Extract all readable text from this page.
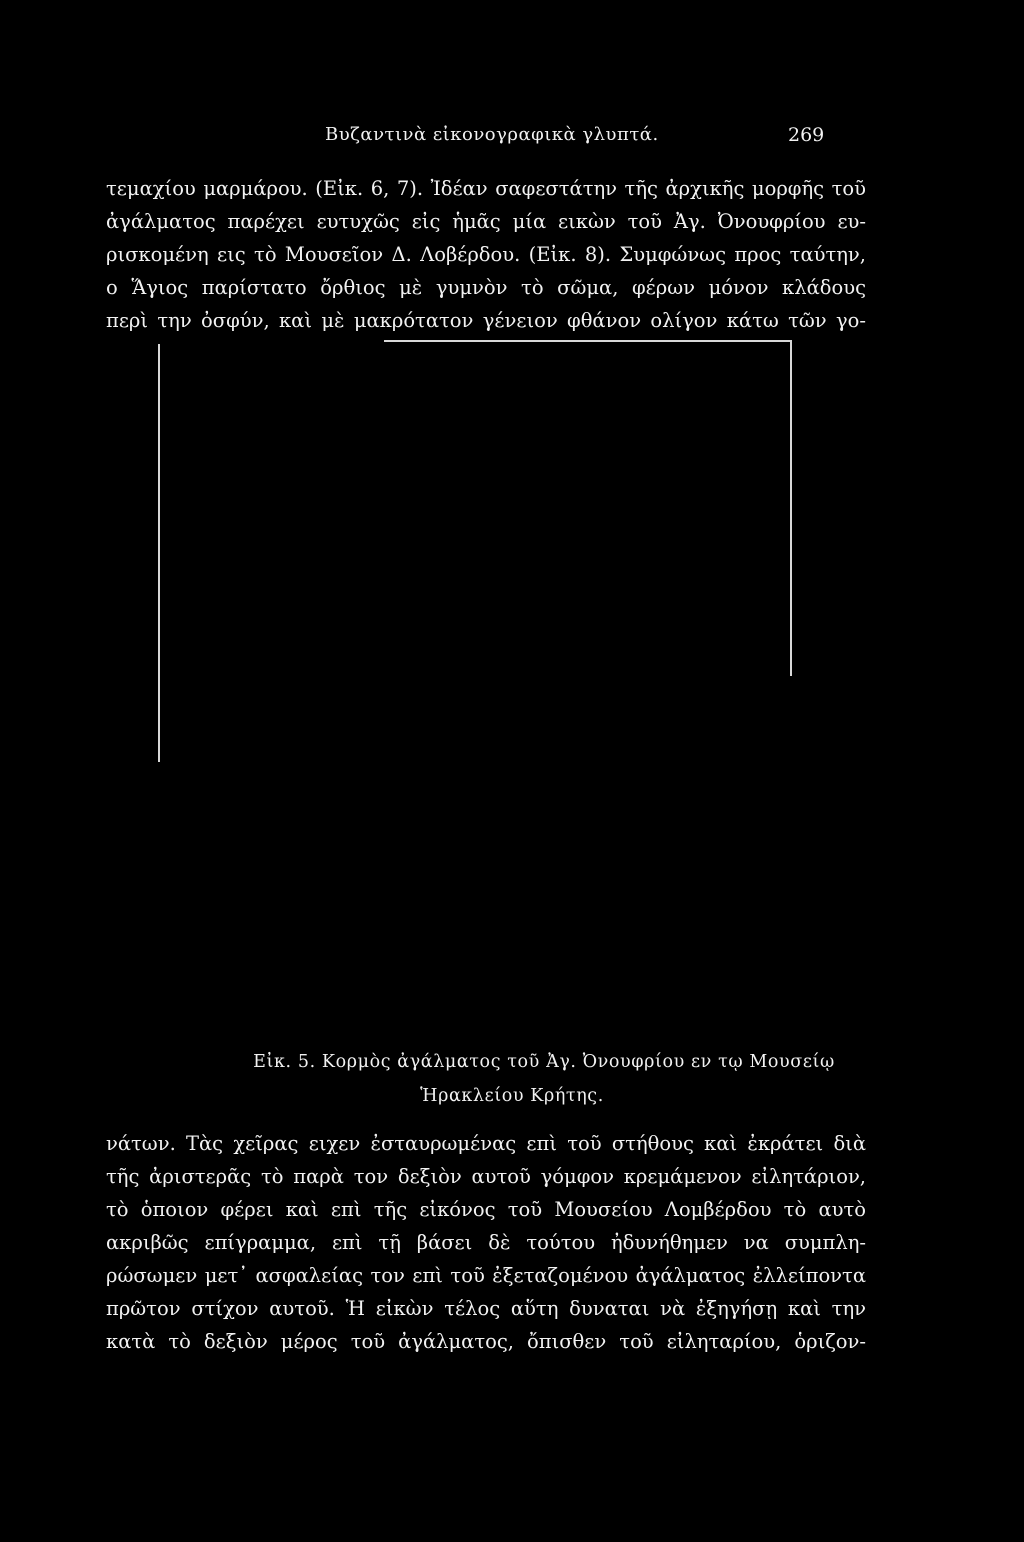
Βυζαντινὰ εἰκονογραφικὰ γλυπτά.	269
τεμαχίου μαρμάρου. (Εἰκ. 6, 7). Ἰδέαν σαφεστάτην τῆς ἀρχικῆς μορφῆς τοῦ
ἀγάλματος παρέχει ευτυχῶς εἰς ἡμᾶς μία εικὼν τοῦ Ἀγ. Ὀνουφρίου ευ-
ρισκομένη εις τὸ Μουσεῖον Δ. Λοβέρδου. (Εἰκ. 8). Συμφώνως προς ταύτην,
ο Ἅγιος παρίστατο ὄρθιος μὲ γυμνὸν τὸ σῶμα, φέρων μόνον κλάδους
περὶ την ὀσφύν, καὶ μὲ μακρότατον γένειον φθάνον ολίγον κάτω τῶν γο-

Εἰκ. 5. Κορμὸς ἀγάλματος τοῦ Ἀγ. Ὀνουφρίου εν τῳ Μουσείῳ

Ἡρακλείου Κρήτης.

νάτων. Τὰς χεῖρας ειχεν ἐσταυρωμένας επὶ τοῦ στήθους καὶ ἐκράτει διὰ
τῆς ἀριστερᾶς τὸ παρὰ τον δεξιὸν αυτοῦ γόμφον κρεμάμενον εἰλητάριον,
τὸ ὁποιον φέρει καὶ επὶ τῆς εἰκόνος τοῦ Μουσείου Λομβέρδου τὸ αυτὸ
ακριβῶς επίγραμμα, επὶ τῇ βάσει δὲ τούτου ἠδυνήθημεν να συμπλη-
ρώσωμεν μετ᾽ ασφαλείας τον επὶ τοῦ ἐξεταζομένου ἀγάλματος ἐλλείποντα
πρῶτον στίχον αυτοῦ. Ἡ εἰκὼν τέλος αὕτη δυναται νὰ ἐξηγήσῃ καὶ την
κατὰ τὸ δεξιὸν μέρος τοῦ ἀγάλματος, ὄπισθεν τοῦ εἰληταρίου, ὁριζον-
